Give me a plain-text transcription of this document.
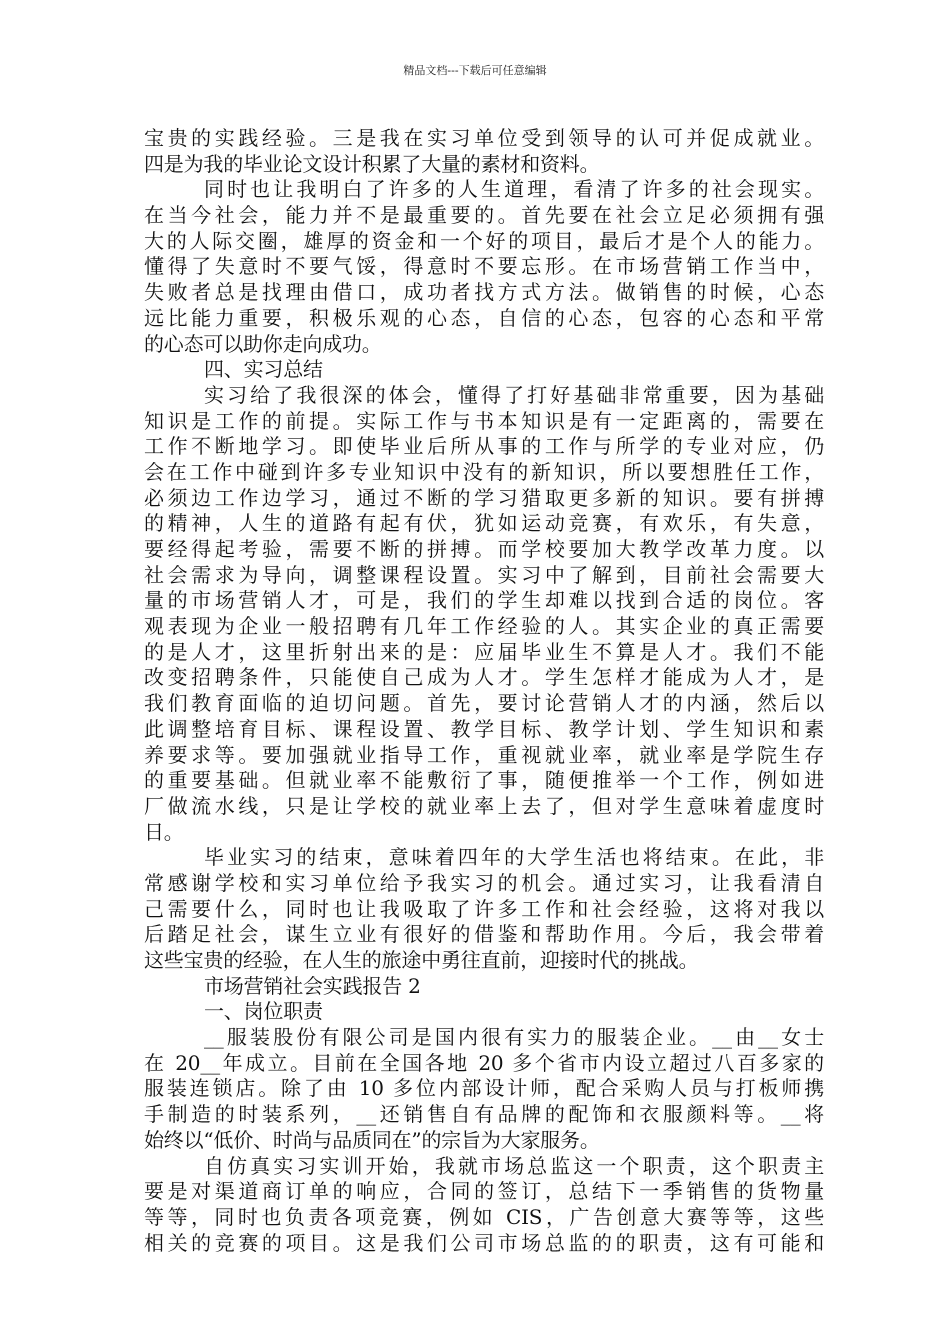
精品文档---下载后可任意编辑
宝贵的实践经验。三是我在实习单位受到领导的认可并促成就业。
四是为我的毕业论文设计积累了大量的素材和资料。
同时也让我明白了许多的人生道理，看清了许多的社会现实。
在当今社会，能力并不是最重要的。首先要在社会立足必须拥有强
大的人际交圈，雄厚的资金和一个好的项目，最后才是个人的能力。
懂得了失意时不要气馁，得意时不要忘形。在市场营销工作当中，
失败者总是找理由借口，成功者找方式方法。做销售的时候，心态
远比能力重要，积极乐观的心态，自信的心态，包容的心态和平常
的心态可以助你走向成功。
四、实习总结
实习给了我很深的体会，懂得了打好基础非常重要，因为基础
知识是工作的前提。实际工作与书本知识是有一定距离的，需要在
工作不断地学习。即使毕业后所从事的工作与所学的专业对应，仍
会在工作中碰到许多专业知识中没有的新知识，所以要想胜任工作，
必须边工作边学习，通过不断的学习猎取更多新的知识。要有拼搏
的精神，人生的道路有起有伏，犹如运动竞赛，有欢乐，有失意，
要经得起考验，需要不断的拼搏。而学校要加大教学改革力度。以
社会需求为导向，调整课程设置。实习中了解到，目前社会需要大
量的市场营销人才，可是，我们的学生却难以找到合适的岗位。客
观表现为企业一般招聘有几年工作经验的人。其实企业的真正需要
的是人才，这里折射出来的是：应届毕业生不算是人才。我们不能
改变招聘条件，只能使自己成为人才。学生怎样才能成为人才，是
我们教育面临的迫切问题。首先，要讨论营销人才的内涵，然后以
此调整培育目标、课程设置、教学目标、教学计划、学生知识和素
养要求等。要加强就业指导工作，重视就业率，就业率是学院生存
的重要基础。但就业率不能敷衍了事，随便推举一个工作，例如进
厂做流水线，只是让学校的就业率上去了，但对学生意味着虚度时
日。
毕业实习的结束，意味着四年的大学生活也将结束。在此，非
常感谢学校和实习单位给予我实习的机会。通过实习，让我看清自
己需要什么，同时也让我吸取了许多工作和社会经验，这将对我以
后踏足社会，谋生立业有很好的借鉴和帮助作用。今后，我会带着
这些宝贵的经验，在人生的旅途中勇往直前，迎接时代的挑战。
市场营销社会实践报告 2
一、岗位职责
__服装股份有限公司是国内很有实力的服装企业。__由__女士
在 20__年成立。目前在全国各地 20 多个省市内设立超过八百多家的
服装连锁店。除了由 10 多位内部设计师，配合采购人员与打板师携
手制造的时装系列，__还销售自有品牌的配饰和衣服颜料等。__将
始终以“低价、时尚与品质同在”的宗旨为大家服务。
自仿真实习实训开始，我就市场总监这一个职责，这个职责主
要是对渠道商订单的响应，合同的签订，总结下一季销售的货物量
等等，同时也负责各项竞赛，例如 CIS，广告创意大赛等等，这些
相关的竞赛的项目。这是我们公司市场总监的的职责，这有可能和
